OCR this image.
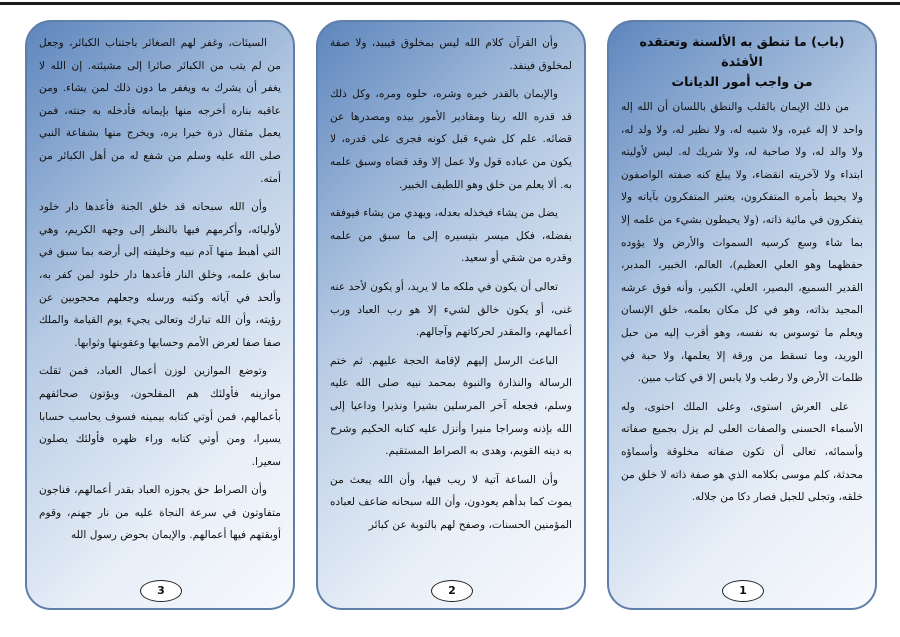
السيئات، وغفر لهم الصغائر باجتناب الكبائر، وجعل من لم يتب من الكبائر صائرا إلى مشيئته. إن الله لا يغفر أن يشرك به ويغفر ما دون ذلك لمن يشاء. ومن عاقبه بناره أخرجه منها بإيمانه فأدخله به جنته، فمن يعمل مثقال ذرة خيرا يره، ويخرج منها بشفاعة النبي صلى الله عليه وسلم من شفع له من أهل الكبائر من أمته.

وأن الله سبحانه قد خلق الجنة فأعدها دار خلود لأوليائه، وأكرمهم فيها بالنظر إلى وجهه الكريم، وهي التي أهبط منها آدم نبيه وخليفته إلى أرضه بما سبق في سابق علمه، وخلق النار فأعدها دار خلود لمن كفر به، وألحد في آياته وكتبه ورسله وجعلهم محجوبين عن رؤيته، وأن الله تبارك وتعالى يجيء يوم القيامة والملك صفا صفا لعرض الأمم وحسابها وعقوبتها وثوابها.

وتوضع الموازين لوزن أعمال العباد، فمن ثقلت موازينه فأولئك هم المفلحون، ويؤتون صحائفهم بأعمالهم، فمن أوتي كتابه بيمينه فسوف يحاسب حسابا يسيرا، ومن أوتي كتابه وراء ظهره فأولئك يصلون سعيرا.

وأن الصراط حق يجوزه العباد بقدر أعمالهم، فناجون متفاوتون في سرعة النجاة عليه من نار جهنم، وقوم أوبقتهم فيها أعمالهم. والإيمان بحوض رسول الله

3

وأن القرآن كلام الله ليس بمخلوق فيبيد، ولا صفة لمخلوق فينفد.

والإيمان بالقدر خيره وشره، حلوه ومره، وكل ذلك قد قدره الله ربنا ومقادير الأمور بيده ومصدرها عن قضائه. علم كل شيء قبل كونه فجرى على قدره، لا يكون من عباده قول ولا عمل إلا وقد قضاه وسبق علمه به. ألا يعلم من خلق وهو اللطيف الخبير.

يضل من يشاء فيخذله بعدله، ويهدي من يشاء فيوفقه بفضله، فكل ميسر بتيسيره إلى ما سبق من علمه وقدره من شقي أو سعيد.

تعالى أن يكون في ملكه ما لا يريد، أو يكون لأحد عنه غنى، أو يكون خالق لشيء إلا هو رب العباد ورب أعمالهم، والمقدر لحركاتهم وآجالهم.

الباعث الرسل إليهم لإقامة الحجة عليهم. ثم ختم الرسالة والنذارة والنبوة بمحمد نبيه صلى الله عليه وسلم، فجعله آخر المرسلين بشيرا ونذيرا وداعيا إلى الله بإذنه وسراجا منيرا وأنزل عليه كتابه الحكيم وشرح به دينه القويم، وهدى به الصراط المستقيم.

وأن الساعة آتية لا ريب فيها، وأن الله يبعث من يموت كما بدأهم يعودون، وأن الله سبحانه ضاعف لعباده المؤمنين الحسنات، وصفح لهم بالتوبة عن كبائر

2
(باب) ما تنطق به الألسنة وتعتقده الأفئدة
من واجب أمور الديانات

من ذلك الإيمان بالقلب والنطق باللسان أن الله إله واحد لا إله غيره، ولا شبيه له، ولا نظير له، ولا ولد له، ولا والد له، ولا صاحبة له، ولا شريك له. ليس لأوليته ابتداء ولا لآخريته انقضاء، ولا يبلغ كنه صفته الواصفون ولا يحيط بأمره المتفكرون، يعتبر المتفكرون بآياته ولا يتفكرون في مائية ذاته، (ولا يحيطون بشيء من علمه إلا بما شاء وسع كرسيه السموات والأرض ولا يؤوده حفظهما وهو العلي العظيم)، العالم، الخبير، المدبر، القدير السميع، البصير، العلي، الكبير، وأنه فوق عرشه المجيد بذاته، وهو في كل مكان بعلمه، خلق الإنسان ويعلم ما توسوس به نفسه، وهو أقرب إليه من حبل الوريد، وما تسقط من ورقة إلا يعلمها، ولا حبة في ظلمات الأرض ولا رطب ولا يابس إلا في كتاب مبين.

على العرش استوى، وعلى الملك احتوى، وله الأسماء الحسنى والصفات العلى لم يزل بجميع صفاته وأسمائه، تعالى أن تكون صفاته مخلوقة وأسماؤه محدثة، كلم موسى بكلامه الذي هو صفة ذاته لا خلق من خلقه، وتجلى للجبل فصار دكا من جلاله.

1
